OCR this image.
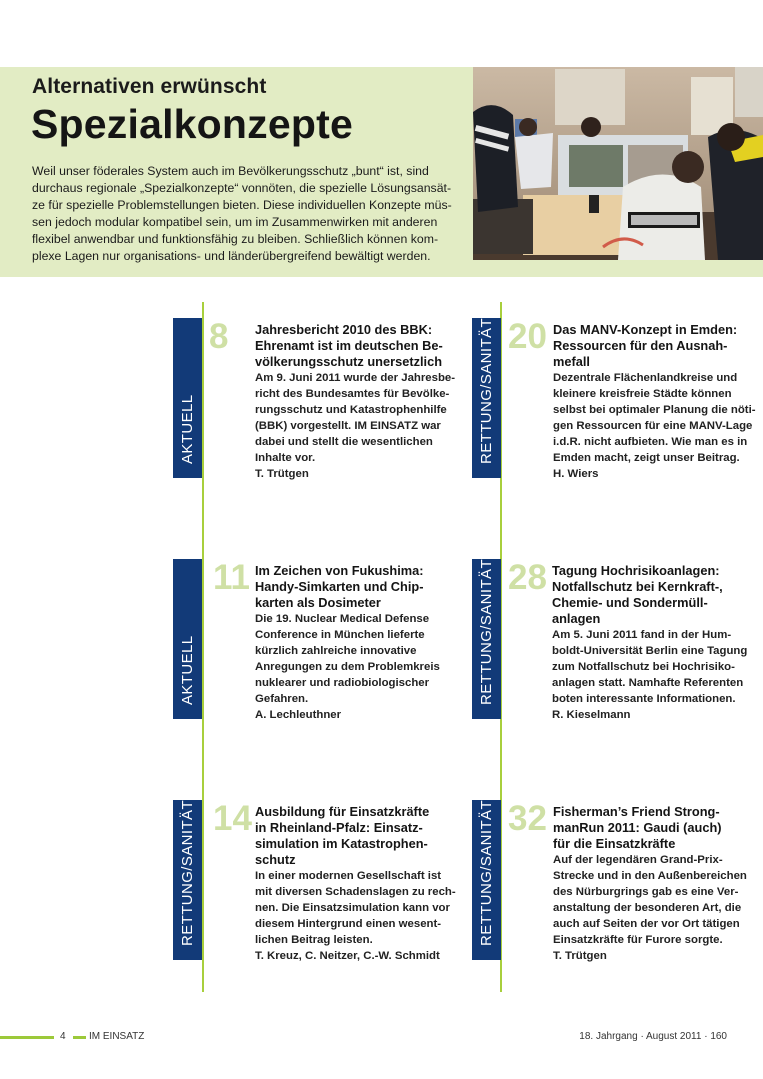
Alternativen erwünscht
Spezialkonzepte

Weil unser föderales System auch im Bevölkerungsschutz „bunt“ ist, sind
durchaus regionale „Spezialkonzepte“ vonnöten, die spezielle Lösungsansät-
ze für spezielle Problemstellungen bieten. Diese individuellen Konzepte müs-
sen jedoch modular kompatibel sein, um im Zusammenwirken mit anderen
flexibel anwendbar und funktionsfähig zu bleiben. Schließlich können kom-
plexe Lagen nur organisations- und länderübergreifend bewältigt werden.

AKTUELL
8	Jahresbericht 2010 des BBK:
Ehrenamt ist im deutschen Be-
völkerungsschutz unersetzlich
Am 9. Juni 2011 wurde der Jahresbe-
richt des Bundesamtes für Bevölke-
rungsschutz und Katastrophenhilfe
(BBK) vorgestellt. IM EINSATZ war
dabei und stellt die wesentlichen
Inhalte vor.
T. Trütgen
RETTUNG/SANITÄT 20 Das MANV-Konzept in Emden:
Ressourcen für den Ausnah-
mefall
Dezentrale Flächenlandkreise und
kleinere kreisfreie Städte können
selbst bei optimaler Planung die nöti-
gen Ressourcen für eine MANV-Lage
i.d.R. nicht aufbieten. Wie man es in
Emden macht, zeigt unser Beitrag.
H. Wiers
AKTUELL
11 Im Zeichen von Fukushima:
Handy-Simkarten und Chip-
karten als Dosimeter
Die 19. Nuclear Medical Defense
Conference in München lieferte
kürzlich zahlreiche innovative
Anregungen zu dem Problemkreis
nuklearer und radiobiologischer
Gefahren.
A. Lechleuthner
RETTUNG/SANITÄT 28 Tagung Hochrisikoanlagen:
Notfallschutz bei Kernkraft-,
Chemie- und Sondermüll-
anlagen
Am 5. Juni 2011 fand in der Hum-
boldt-Universität Berlin eine Tagung
zum Notfallschutz bei Hochrisiko-
anlagen statt. Namhafte Referenten
boten interessante Informationen.
R. Kieselmann
RETTUNG/SANITÄT 14 Ausbildung für Einsatzkräfte
in Rheinland-Pfalz: Einsatz-
simulation im Katastrophen-
schutz
In einer modernen Gesellschaft ist
mit diversen Schadenslagen zu rech-
nen. Die Einsatzsimulation kann vor
diesem Hintergrund einen wesent-
lichen Beitrag leisten.
T. Kreuz, C. Neitzer, C.-W. Schmidt
RETTUNG/SANITÄT 32 Fisherman’s Friend Strong-
manRun 2011: Gaudi (auch)
für die Einsatzkräfte
Auf der legendären Grand-Prix-
Strecke und in den Außenbereichen
des Nürburgrings gab es eine Ver-
anstaltung der besonderen Art, die
auch auf Seiten der vor Ort tätigen
Einsatzkräfte für Furore sorgte.
T. Trütgen
4 IM EINSATZ	18. Jahrgang · August 2011 · 160
